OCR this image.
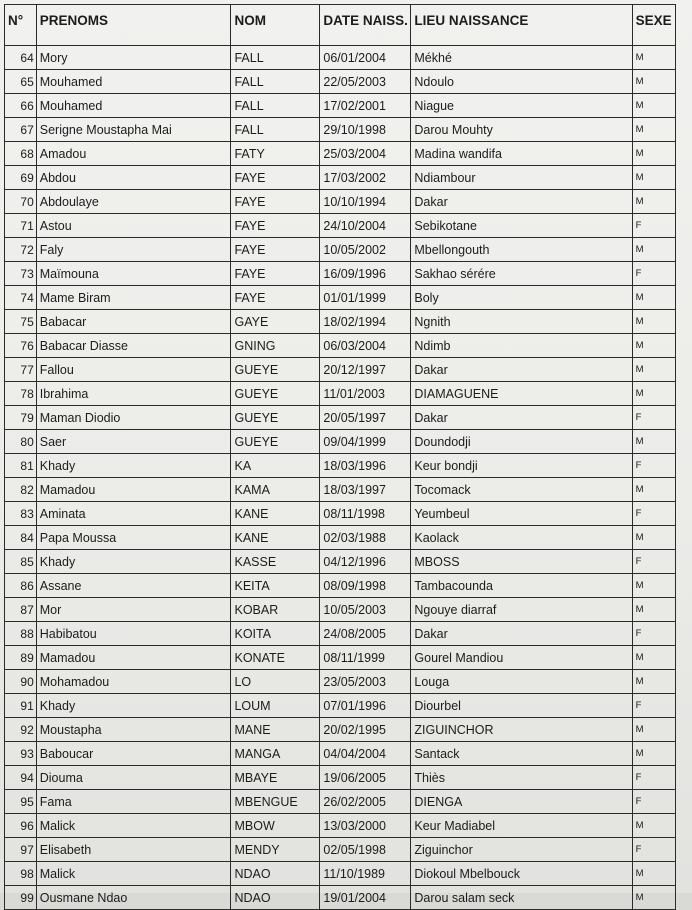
N°	PRENOMS	NOM	DATE NAISS.	LIEU NAISSANCE	SEXE
64	Mory	FALL	06/01/2004	Mékhé	M
65	Mouhamed	FALL	22/05/2003	Ndoulo	M
66	Mouhamed	FALL	17/02/2001	Niague	M
67	Serigne Moustapha Mai	FALL	29/10/1998	Darou Mouhty	M
68	Amadou	FATY	25/03/2004	Madina wandifa	M
69	Abdou	FAYE	17/03/2002	Ndiambour	M
70	Abdoulaye	FAYE	10/10/1994	Dakar	M
71	Astou	FAYE	24/10/2004	Sebikotane	F
72	Faly	FAYE	10/05/2002	Mbellongouth	M
73	Maïmouna	FAYE	16/09/1996	Sakhao sérére	F
74	Mame Biram	FAYE	01/01/1999	Boly	M
75	Babacar	GAYE	18/02/1994	Ngnith	M
76	Babacar Diasse	GNING	06/03/2004	Ndimb	M
77	Fallou	GUEYE	20/12/1997	Dakar	M
78	Ibrahima	GUEYE	11/01/2003	DIAMAGUENE	M
79	Maman Diodio	GUEYE	20/05/1997	Dakar	F
80	Saer	GUEYE	09/04/1999	Doundodji	M
81	Khady	KA	18/03/1996	Keur bondji	F
82	Mamadou	KAMA	18/03/1997	Tocomack	M
83	Aminata	KANE	08/11/1998	Yeumbeul	F
84	Papa Moussa	KANE	02/03/1988	Kaolack	M
85	Khady	KASSE	04/12/1996	MBOSS	F
86	Assane	KEITA	08/09/1998	Tambacounda	M
87	Mor	KOBAR	10/05/2003	Ngouye diarraf	M
88	Habibatou	KOITA	24/08/2005	Dakar	F
89	Mamadou	KONATE	08/11/1999	Gourel Mandiou	M
90	Mohamadou	LO	23/05/2003	Louga	M
91	Khady	LOUM	07/01/1996	Diourbel	F
92	Moustapha	MANE	20/02/1995	ZIGUINCHOR	M
93	Baboucar	MANGA	04/04/2004	Santack	M
94	Diouma	MBAYE	19/06/2005	Thiès	F
95	Fama	MBENGUE	26/02/2005	DIENGA	F
96	Malick	MBOW	13/03/2000	Keur Madiabel	M
97	Elisabeth	MENDY	02/05/1998	Ziguinchor	F
98	Malick	NDAO	11/10/1989	Diokoul Mbelbouck	M
99	Ousmane Ndao	NDAO	19/01/2004	Darou salam seck	M
